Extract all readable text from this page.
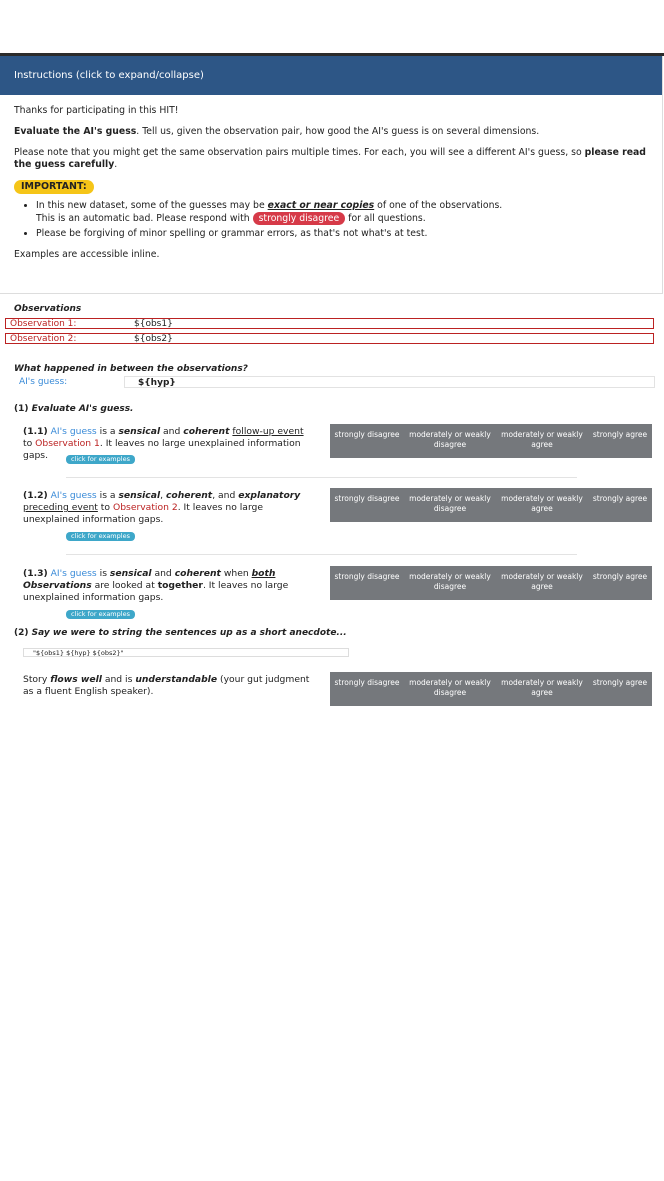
Instructions (click to expand/collapse)

Thanks for participating in this HIT!

Evaluate the AI's guess. Tell us, given the observation pair, how good the AI's guess is on several dimensions.

Please note that you might get the same observation pairs multiple times. For each, you will see a different AI's guess, so please read the guess carefully.

IMPORTANT:
• In this new dataset, some of the guesses may be exact or near copies of one of the observations.
This is an automatic bad. Please respond with strongly disagree for all questions.
• Please be forgiving of minor spelling or grammar errors, as that's not what's at test.

Examples are accessible inline.

Observations
Observation 1:	${obs1}
Observation 2:	${obs2}
What happened in between the observations?
AI's guess:	${hyp}
(1) Evaluate AI's guess.
(1.1) AI's guess is a sensical and coherent follow-up event to Observation 1. It leaves no large unexplained information gaps.	click for examples
strongly disagree	moderately or weakly disagree
moderately or weakly agree
strongly agree
(1.2) AI's guess is a sensical, coherent, and explanatory preceding event to Observation 2. It leaves no large unexplained information gaps.
click for examples
strongly disagree	moderately or weakly disagree
moderately or weakly agree
strongly agree
(1.3) AI's guess is sensical and coherent when both Observations are looked at together. It leaves no large unexplained information gaps.
click for examples
strongly disagree	moderately or weakly disagree
moderately or weakly agree
strongly agree
(2) Say we were to string the sentences up as a short anecdote...
"${obs1} ${hyp} ${obs2}"
Story flows well and is understandable (your gut judgment as a fluent English speaker).
strongly disagree	moderately or weakly disagree
moderately or weakly agree
strongly agree
